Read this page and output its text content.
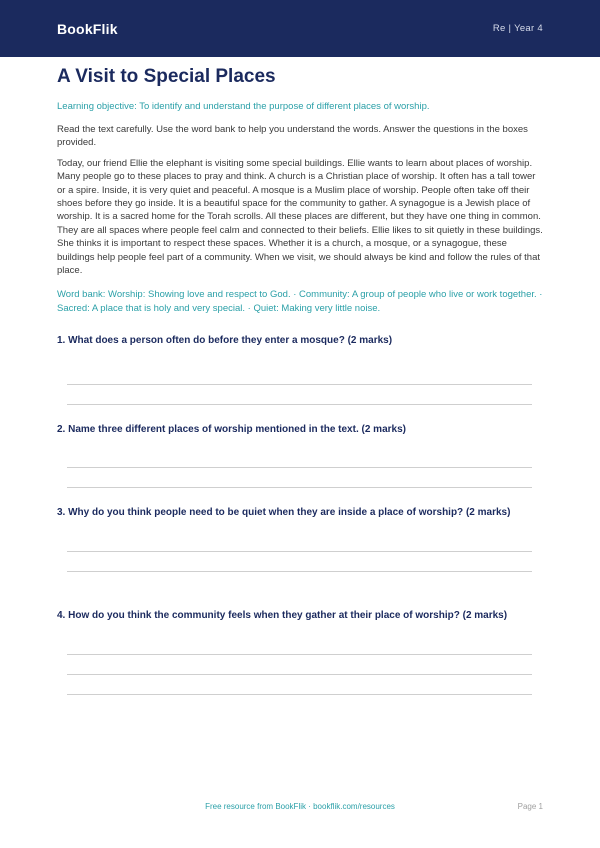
BookFlik	Re | Year 4
A Visit to Special Places

Learning objective: To identify and understand the purpose of different places of worship.

Read the text carefully. Use the word bank to help you understand the words. Answer the questions in the boxes provided.

Today, our friend Ellie the elephant is visiting some special buildings. Ellie wants to learn about places of worship. Many people go to these places to pray and think. A church is a Christian place of worship. It often has a tall tower or a spire. Inside, it is very quiet and peaceful. A mosque is a Muslim place of worship. People often take off their shoes before they go inside. It is a beautiful space for the community to gather. A synagogue is a Jewish place of worship. It is a sacred home for the Torah scrolls. All these places are different, but they have one thing in common. They are all spaces where people feel calm and connected to their beliefs. Ellie likes to sit quietly in these buildings. She thinks it is important to respect these spaces. Whether it is a church, a mosque, or a synagogue, these buildings help people feel part of a community. When we visit, we should always be kind and follow the rules of that place.

Word bank: Worship: Showing love and respect to God. · Community: A group of people who live or work together. · Sacred: A place that is holy and very special. · Quiet: Making very little noise.

1. What does a person often do before they enter a mosque? (2 marks)
2. Name three different places of worship mentioned in the text. (2 marks)
3. Why do you think people need to be quiet when they are inside a place of worship? (2 marks)
4. How do you think the community feels when they gather at their place of worship? (2 marks)
Free resource from BookFlik · bookflik.com/resources	Page 1
